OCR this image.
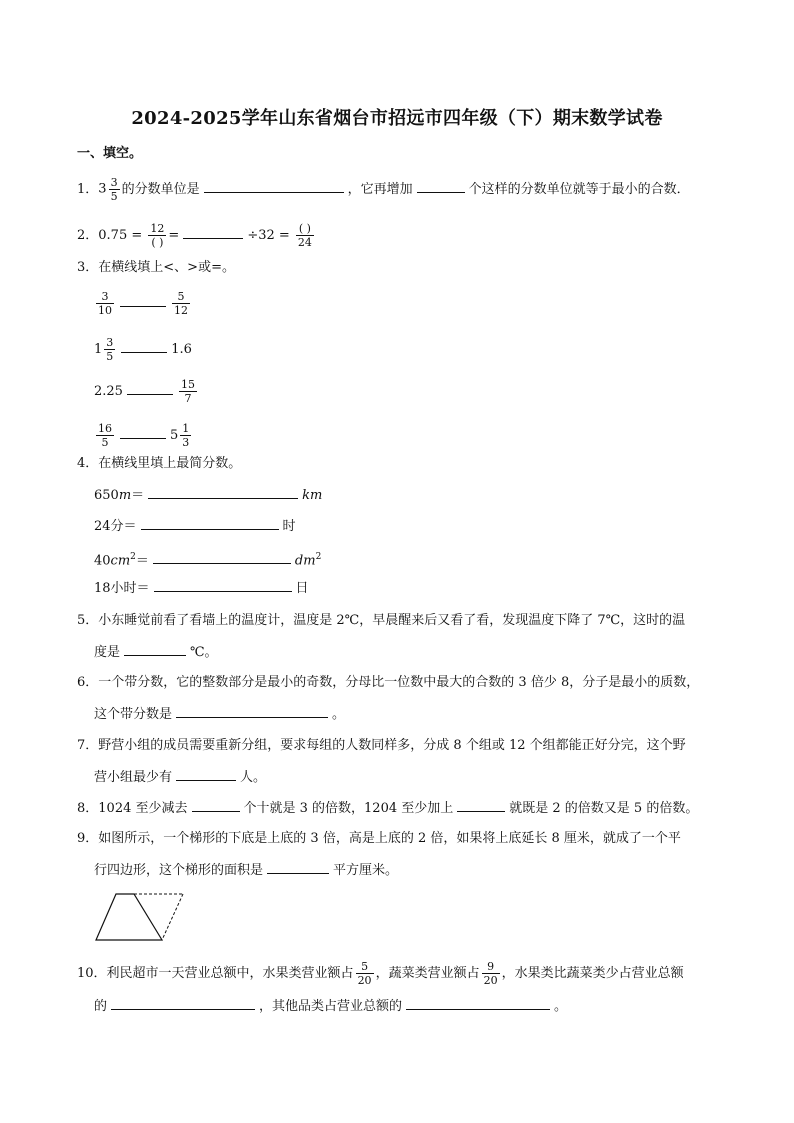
2024-2025学年山东省烟台市招远市四年级（下）期末数学试卷
一、填空。
1．$3 \frac{3}{5}$ 的分数单位是	，它再增加	个这样的分数单位就等于最小的合数．
2．$0.75 = \frac{12}{( )}$ =	$\div 32 = \frac{( )}{24}$
3．在横线填上<、>或=。
$\frac{3}{10}$	$\frac{5}{12}$
$1 \frac{3}{5}$	1.6
2.25	$\frac{15}{7}$
$\frac{16}{5}$	$5 \frac{1}{3}$
4．在横线里填上最简分数。
650m＝	km
24分＝	时
$40cm^2=$	$dm^2$
18小时＝	日
5．小东睡觉前看了看墙上的温度计，温度是 2℃，早晨醒来后又看了看，发现温度下降了 7℃，这时的温
度是	℃。
6．一个带分数，它的整数部分是最小的奇数，分母比一位数中最大的合数的 3 倍少 8，分子是最小的质数，
这个带分数是	。
7．野营小组的成员需要重新分组，要求每组的人数同样多，分成 8 个组或 12 个组都能正好分完，这个野
营小组最少有	人。
8．1024 至少减去	个十就是 3 的倍数，1204 至少加上	就既是 2 的倍数又是 5 的倍数。
9．如图所示，一个梯形的下底是上底的 3 倍，高是上底的 2 倍，如果将上底延长 8 厘米，就成了一个平
行四边形，这个梯形的面积是	平方厘米。
10．利民超市一天营业总额中，水果类营业额占 $\frac{5}{20}$ ，蔬菜类营业额占 $\frac{9}{20}$ ，水果类比蔬菜类少占营业总额
的	，其他品类占营业总额的	。
